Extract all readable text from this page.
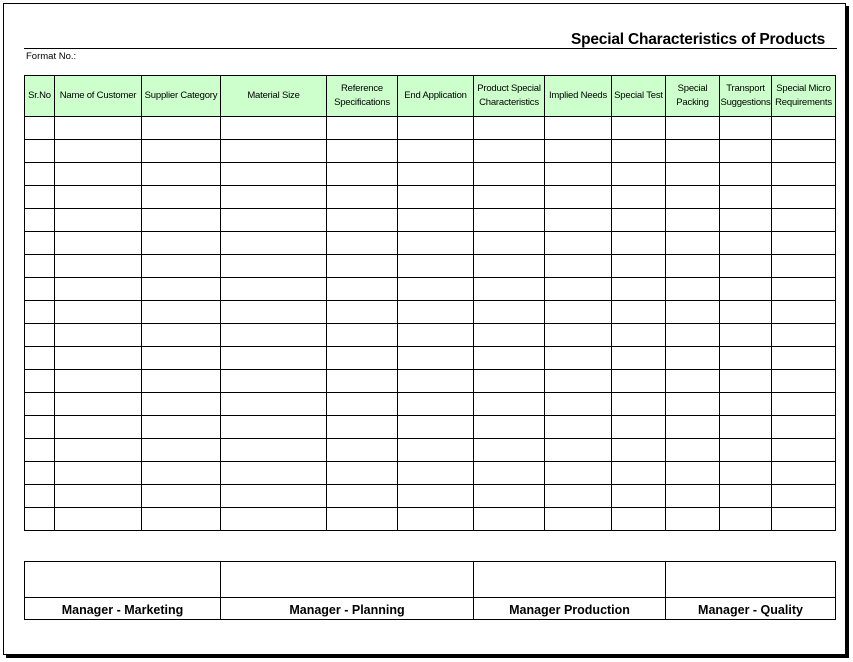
Special Characteristics of Products
Format No.:
Sr.No	Name of Customer	Supplier Category	Material Size	Reference Specifications	End Application	Product Special Characteristics	Implied Needs	Special Test	Special Packing	Transport Suggestions	Special Micro Requirements

Manager - Marketing	Manager - Planning	Manager Production	Manager - Quality
